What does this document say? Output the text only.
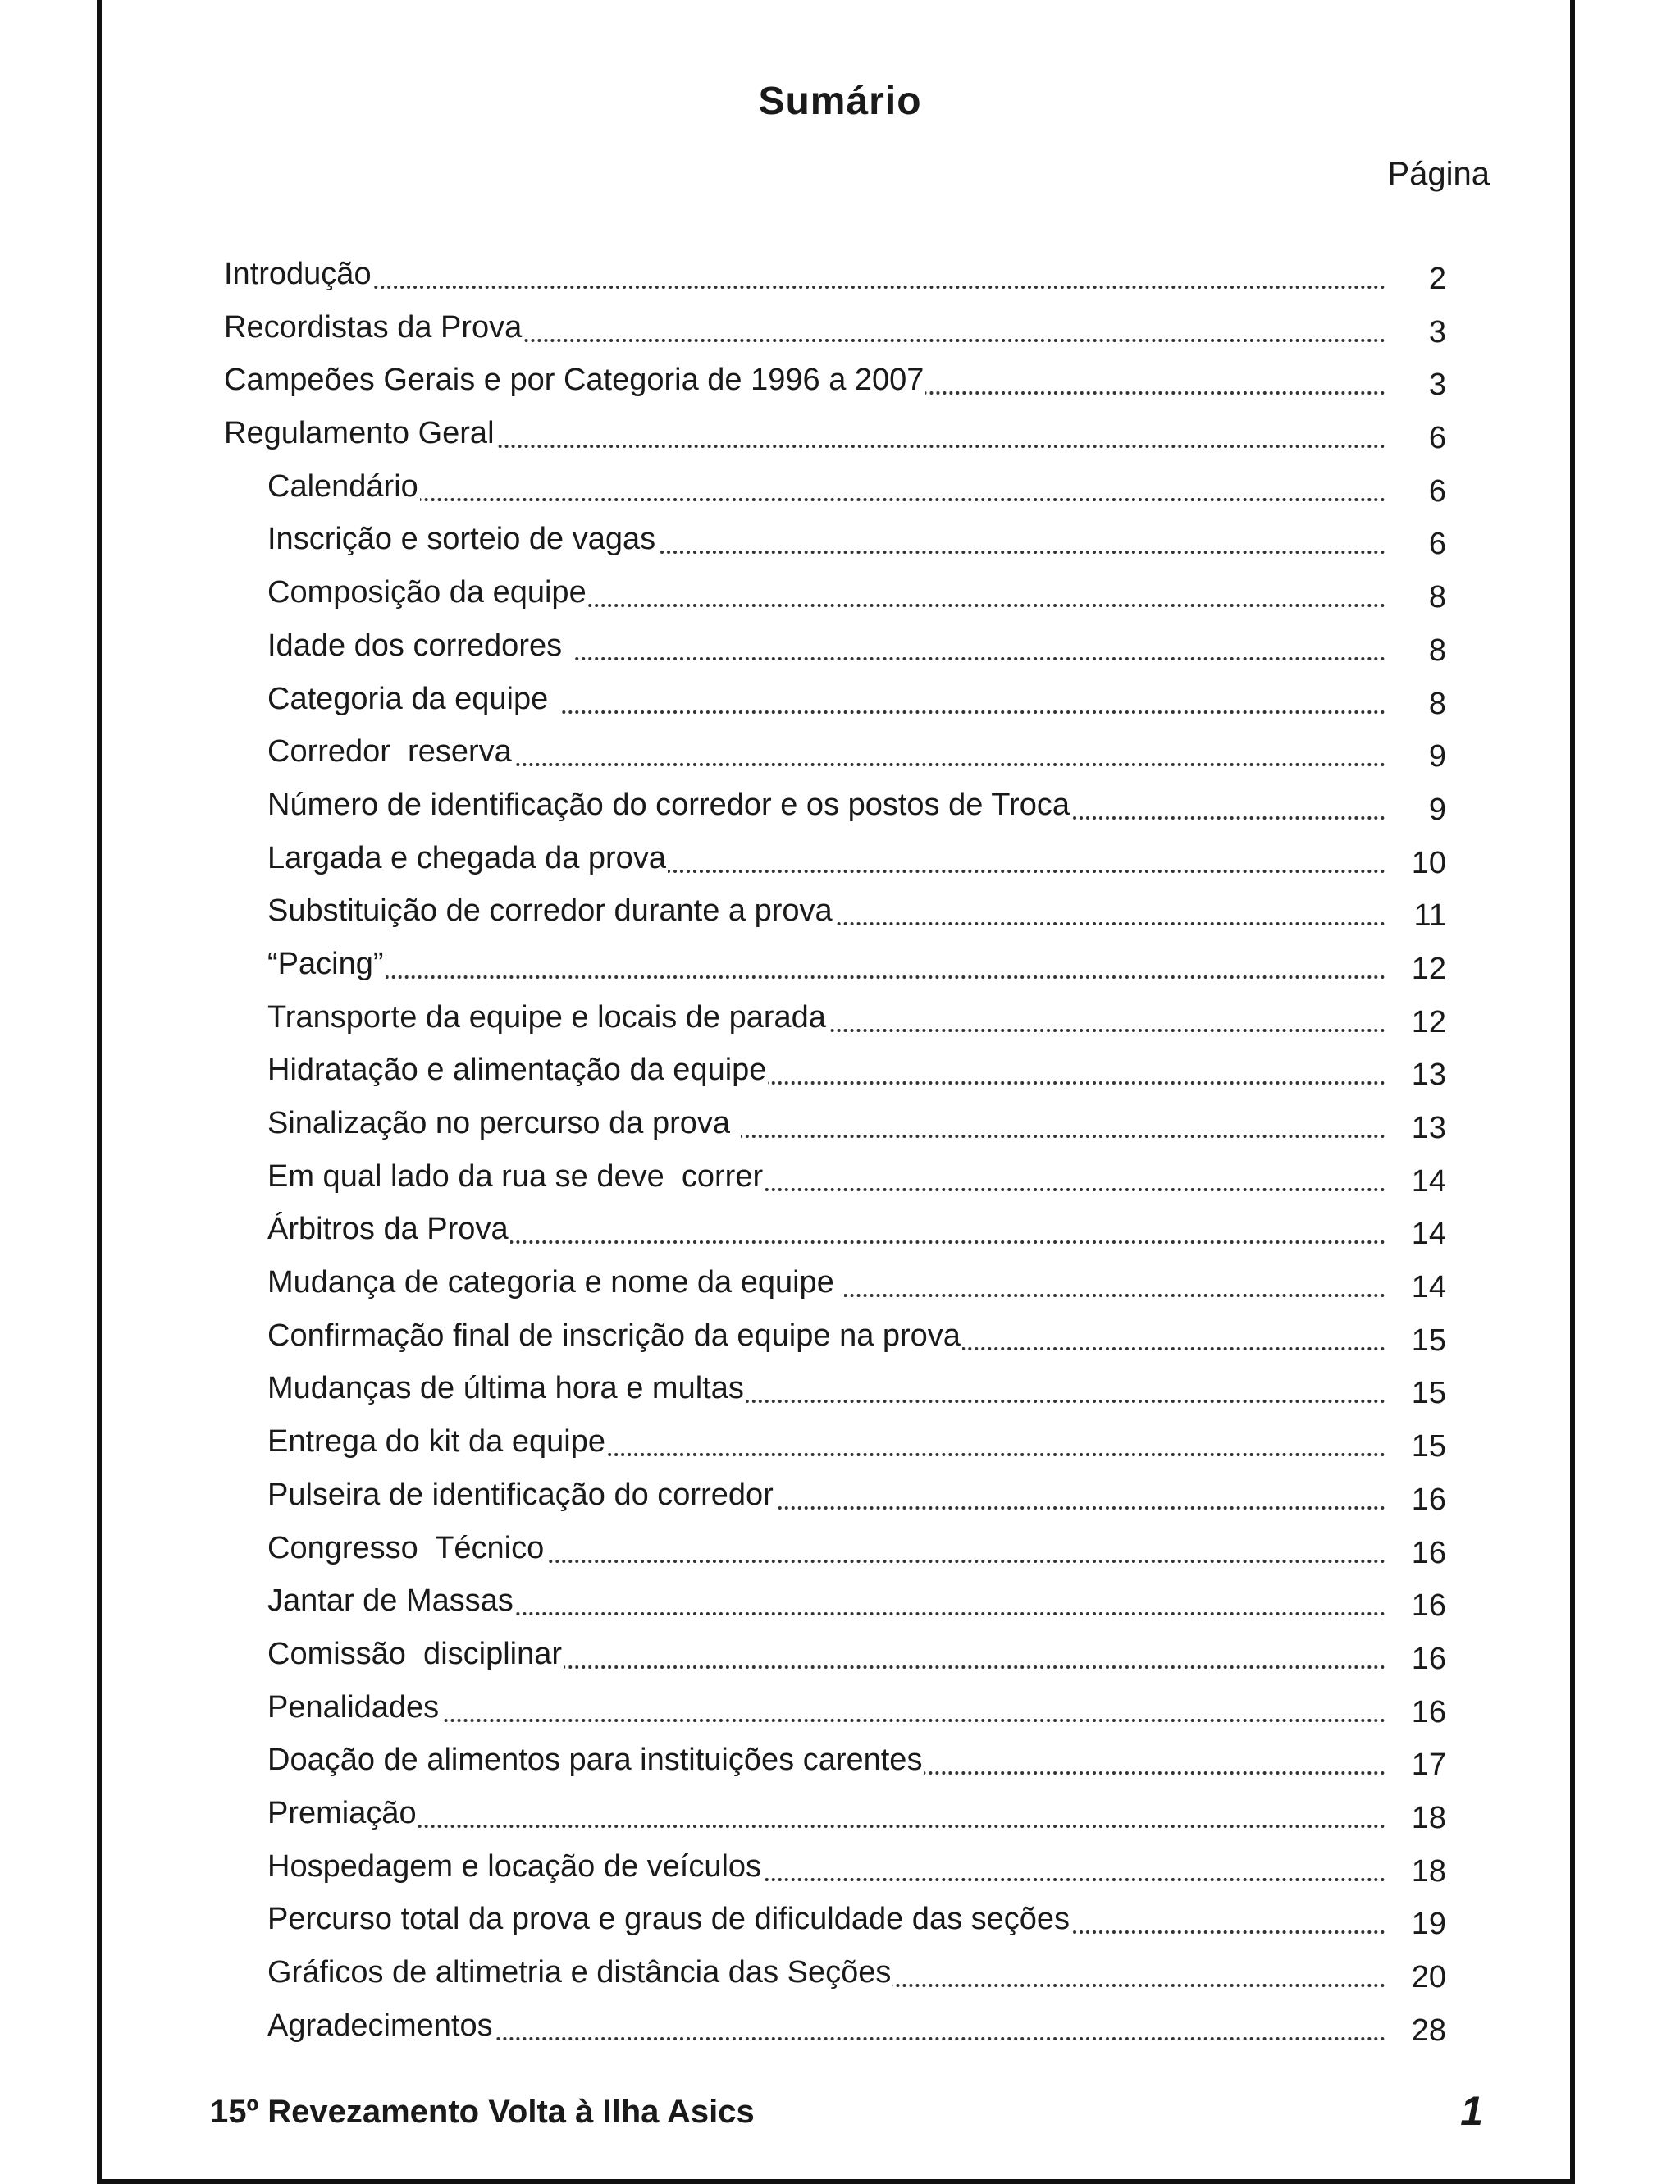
Sumário
Página
Introdução	2
Recordistas da Prova	3
Campeões Gerais e por Categoria de 1996 a 2007	3
Regulamento Geral	6
Calendário	6
Inscrição e sorteio de vagas	6
Composição da equipe	8
Idade dos corredores	8
Categoria da equipe	8
Corredor  reserva	9
Número de identificação do corredor e os postos de Troca	9
Largada e chegada da prova	10
Substituição de corredor durante a prova	11
“Pacing”	12
Transporte da equipe e locais de parada	12
Hidratação e alimentação da equipe	13
Sinalização no percurso da prova	13
Em qual lado da rua se deve  correr	14
Árbitros da Prova	14
Mudança de categoria e nome da equipe	14
Confirmação final de inscrição da equipe na prova	15
Mudanças de última hora e multas	15
Entrega do kit da equipe	15
Pulseira de identificação do corredor	16
Congresso  Técnico	16
Jantar de Massas	16
Comissão  disciplinar	16
Penalidades	16
Doação de alimentos para instituições carentes	17
Premiação	18
Hospedagem e locação de veículos	18
Percurso total da prova e graus de dificuldade das seções	19
Gráficos de altimetria e distância das Seções	20
Agradecimentos	28
15º Revezamento Volta à Ilha Asics	1
